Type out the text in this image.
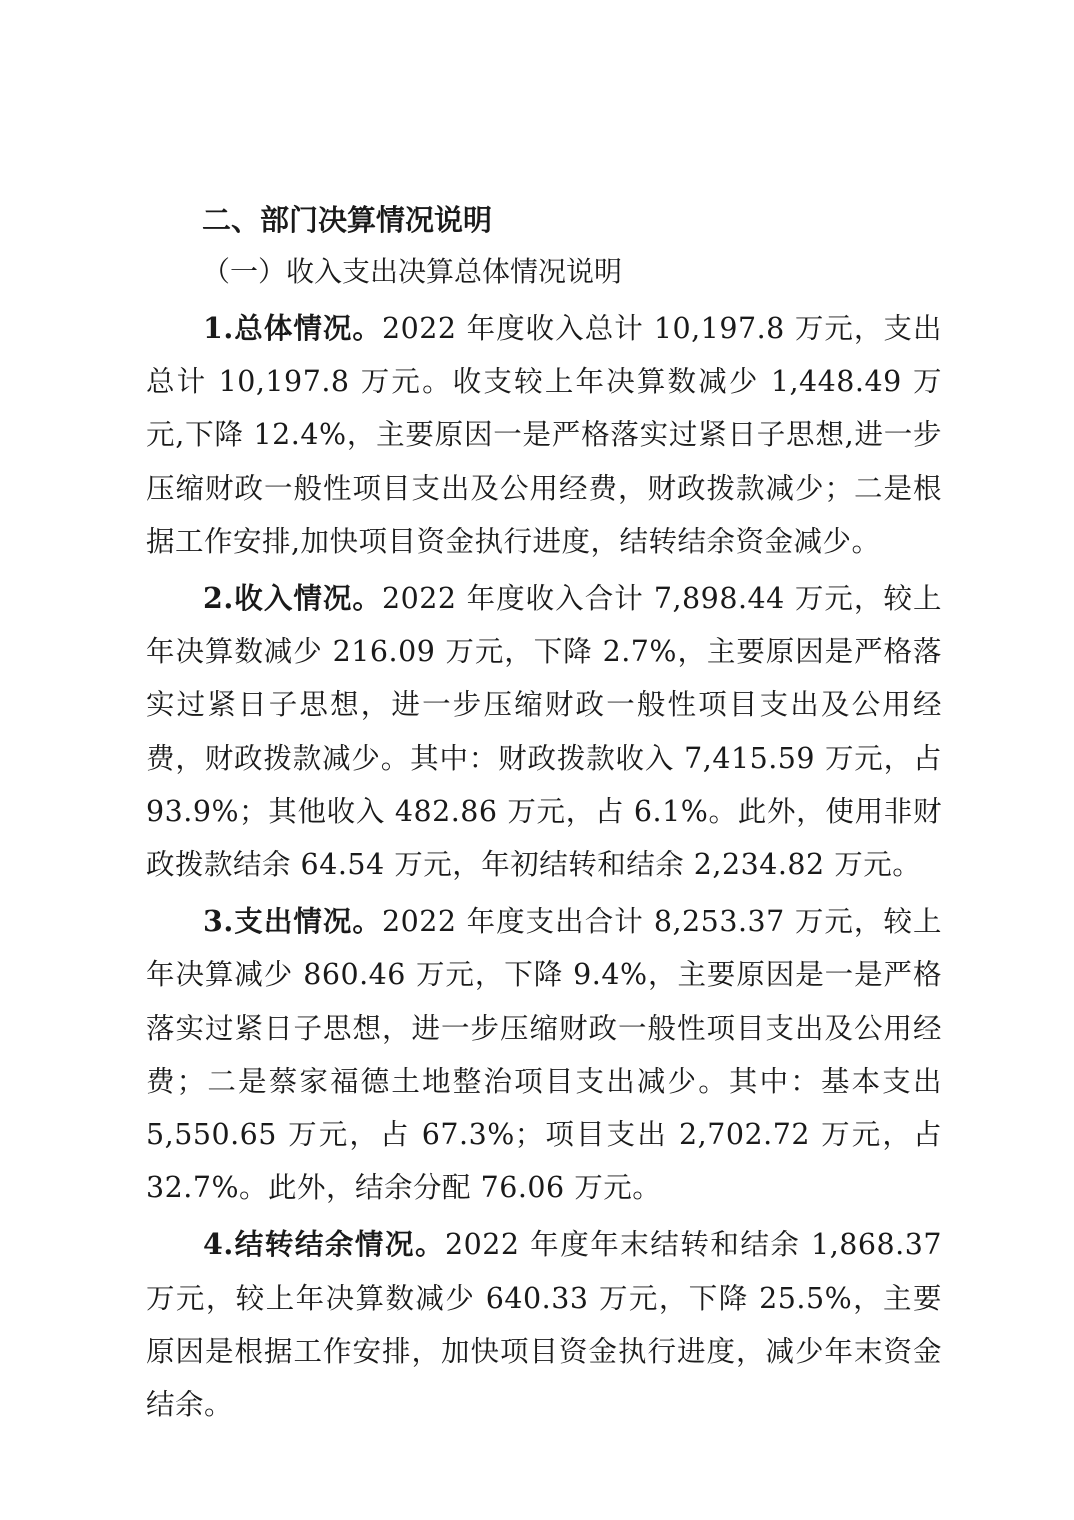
二、部门决算情况说明
（一）收入支出决算总体情况说明

1.总体情况。2022 年度收入总计 10,197.8 万元，支出总计 10,197.8 万元。收支较上年决算数减少 1,448.49 万元,下降 12.4%，主要原因一是严格落实过紧日子思想,进一步压缩财政一般性项目支出及公用经费，财政拨款减少；二是根据工作安排,加快项目资金执行进度，结转结余资金减少。

2.收入情况。2022 年度收入合计 7,898.44 万元，较上年决算数减少 216.09 万元，下降 2.7%，主要原因是严格落实过紧日子思想，进一步压缩财政一般性项目支出及公用经费，财政拨款减少。其中：财政拨款收入 7,415.59 万元，占 93.9%；其他收入 482.86 万元，占 6.1%。此外，使用非财政拨款结余 64.54 万元，年初结转和结余 2,234.82 万元。

3.支出情况。2022 年度支出合计 8,253.37 万元，较上年决算减少 860.46 万元，下降 9.4%，主要原因是一是严格落实过紧日子思想，进一步压缩财政一般性项目支出及公用经费；二是蔡家福德土地整治项目支出减少。其中：基本支出 5,550.65 万元，占 67.3%；项目支出 2,702.72 万元，占 32.7%。此外，结余分配 76.06 万元。

4.结转结余情况。2022 年度年末结转和结余 1,868.37 万元，较上年决算数减少 640.33 万元，下降 25.5%，主要原因是根据工作安排，加快项目资金执行进度，减少年末资金结余。
